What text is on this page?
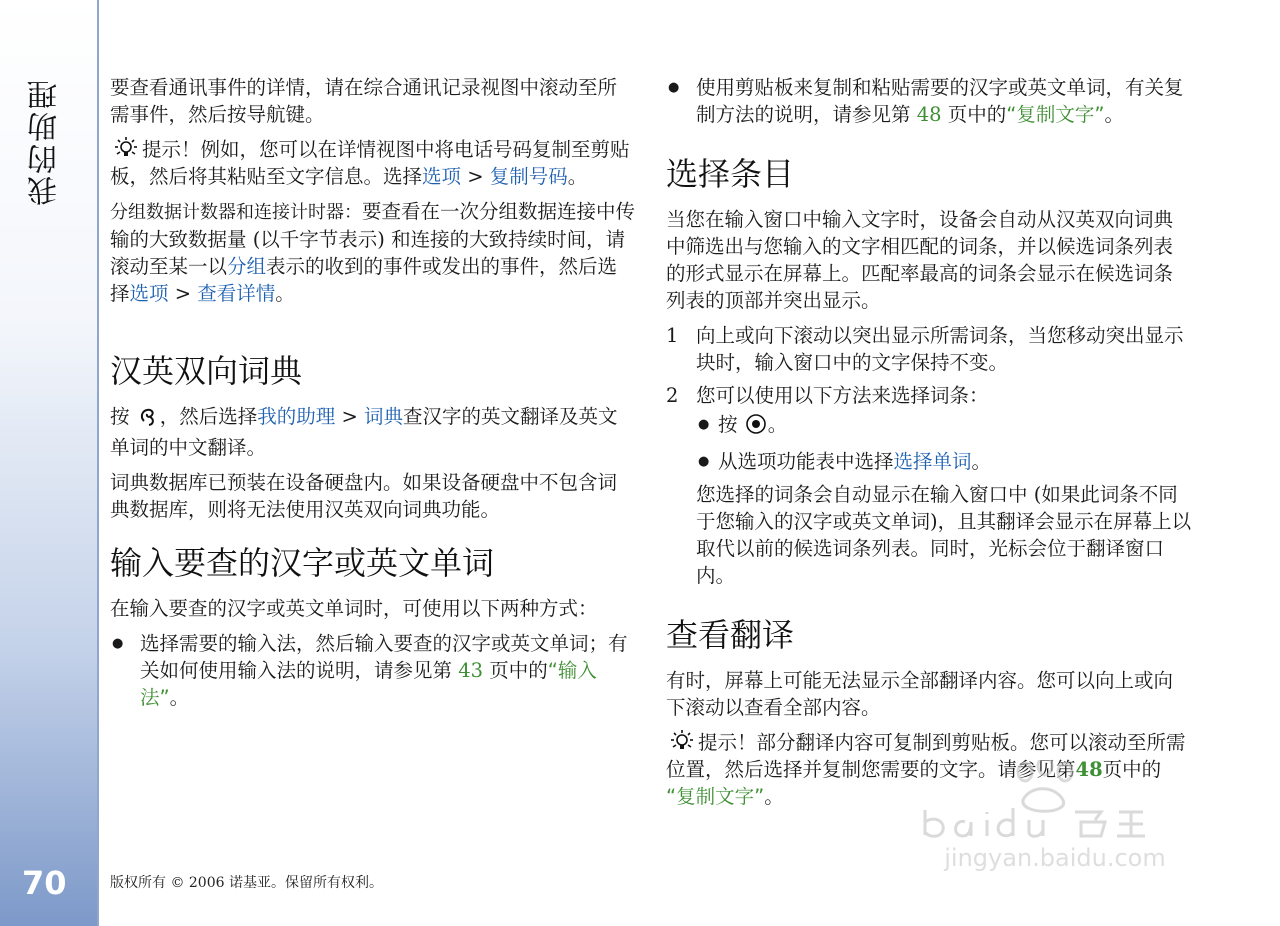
我的助理
70

要查看通讯事件的详情，请在综合通讯记录视图中滚动至所需事件，然后按导航键。

提示！例如，您可以在详情视图中将电话号码复制至剪贴板，然后将其粘贴至文字信息。选择选项 > 复制号码。

分组数据计数器和连接计时器：要查看在一次分组数据连接中传输的大致数据量 (以千字节表示) 和连接的大致持续时间，请滚动至某一以分组表示的收到的事件或发出的事件，然后选择选项 > 查看详情。

汉英双向词典

按 ，然后选择我的助理 > 词典查汉字的英文翻译及英文单词的中文翻译。

词典数据库已预装在设备硬盘内。如果设备硬盘中不包含词典数据库，则将无法使用汉英双向词典功能。

输入要查的汉字或英文单词

在输入要查的汉字或英文单词时，可使用以下两种方式：

● 选择需要的输入法，然后输入要查的汉字或英文单词；有关如何使用输入法的说明，请参见第 43 页中的“输入法”。
● 使用剪贴板来复制和粘贴需要的汉字或英文单词，有关复制方法的说明，请参见第 48 页中的“复制文字”。
选择条目

当您在输入窗口中输入文字时，设备会自动从汉英双向词典中筛选出与您输入的文字相匹配的词条，并以候选词条列表的形式显示在屏幕上。匹配率最高的词条会显示在候选词条列表的顶部并突出显示。

1 向上或向下滚动以突出显示所需词条，当您移动突出显示块时，输入窗口中的文字保持不变。
2 您可以使用以下方法来选择词条：
● 按 。
● 从选项功能表中选择选择单词。
您选择的词条会自动显示在输入窗口中 (如果此词条不同于您输入的汉字或英文单词)，且其翻译会显示在屏幕上以取代以前的候选词条列表。同时，光标会位于翻译窗口内。
查看翻译

有时，屏幕上可能无法显示全部翻译内容。您可以向上或向下滚动以查看全部内容。

提示！部分翻译内容可复制到剪贴板。您可以滚动至所需位置，然后选择并复制您需要的文字。请参见第48页中的 “复制文字”。

版权所有 © 2006 诺基亚。保留所有权利。
jingyan.baidu.com
